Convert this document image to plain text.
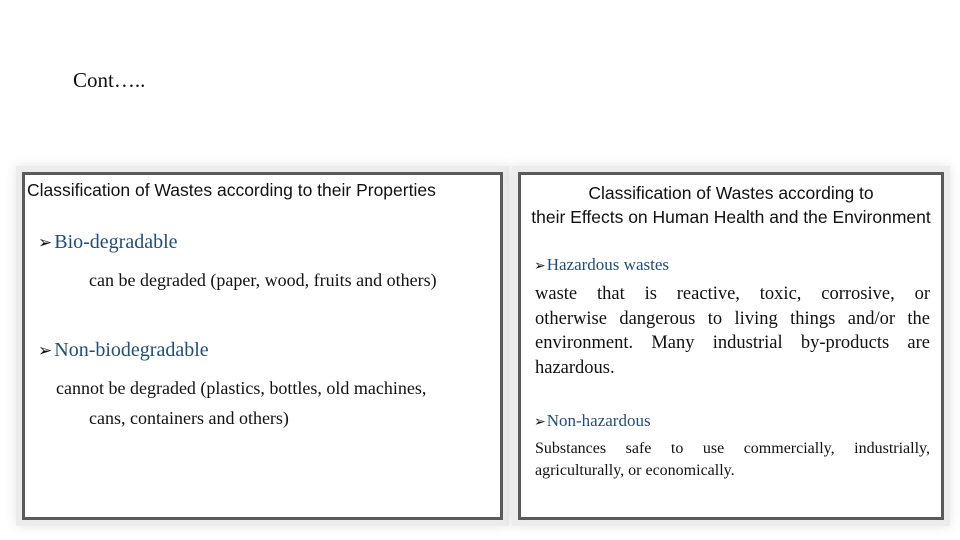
Cont…..
Classification of Wastes according to their Properties
➢ Bio-degradable
can be degraded (paper, wood, fruits and others)
➢ Non-biodegradable
cannot be degraded (plastics, bottles, old machines,
cans, containers and others)
Classification of Wastes according to
their Effects on Human Health and the Environment
➢Hazardous wastes
waste that is reactive, toxic, corrosive, or
otherwise dangerous to living things and/or the
environment. Many industrial by-products are
hazardous.
➢Non-hazardous
Substances safe to use commercially, industrially,
agriculturally, or economically.
